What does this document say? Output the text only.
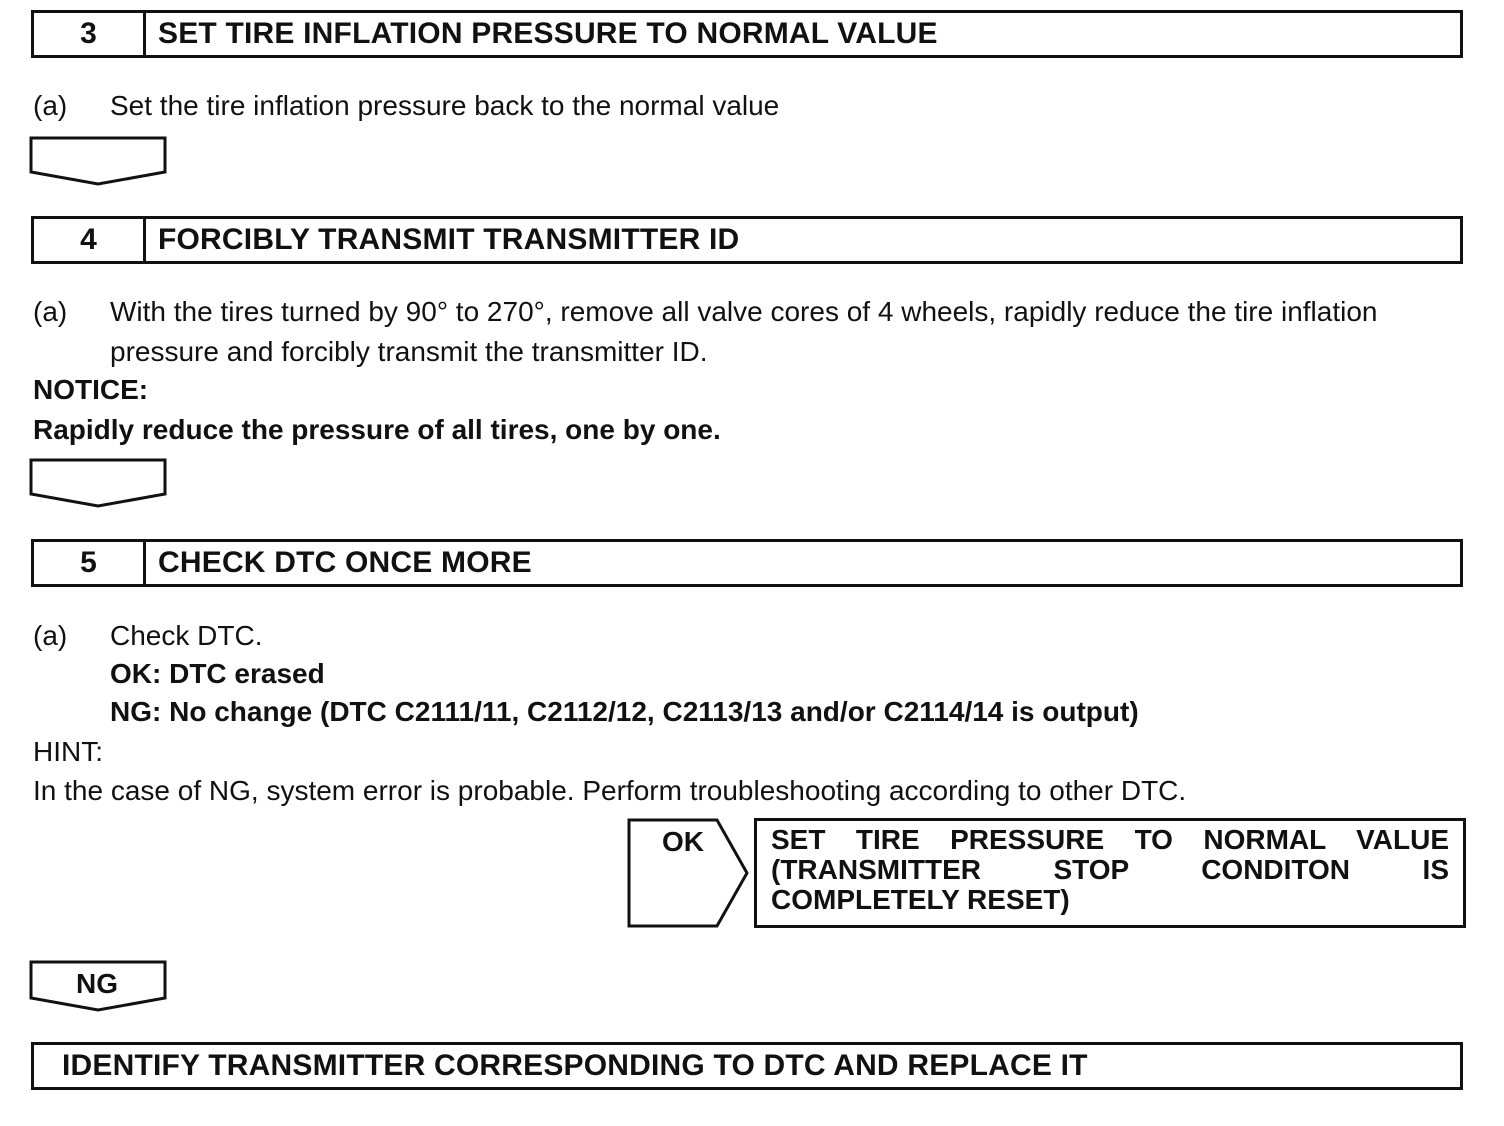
3	SET TIRE INFLATION PRESSURE TO NORMAL VALUE
(a) Set the tire inflation pressure back to the normal value
4	FORCIBLY TRANSMIT TRANSMITTER ID
(a) With the tires turned by 90° to 270°, remove all valve cores of 4 wheels, rapidly reduce the tire inflation
pressure and forcibly transmit the transmitter ID.
NOTICE:
Rapidly reduce the pressure of all tires, one by one.
5	CHECK DTC ONCE MORE
(a) Check DTC.
OK: DTC erased
NG: No change (DTC C2111/11, C2112/12, C2113/13 and/or C2114/14 is output)
HINT:
In the case of NG, system error is probable. Perform troubleshooting according to other DTC.
OK	SET TIRE PRESSURE TO NORMAL VALUE
(TRANSMITTER STOP CONDITON IS
COMPLETELY RESET)
NG
IDENTIFY TRANSMITTER CORRESPONDING TO DTC AND REPLACE IT
